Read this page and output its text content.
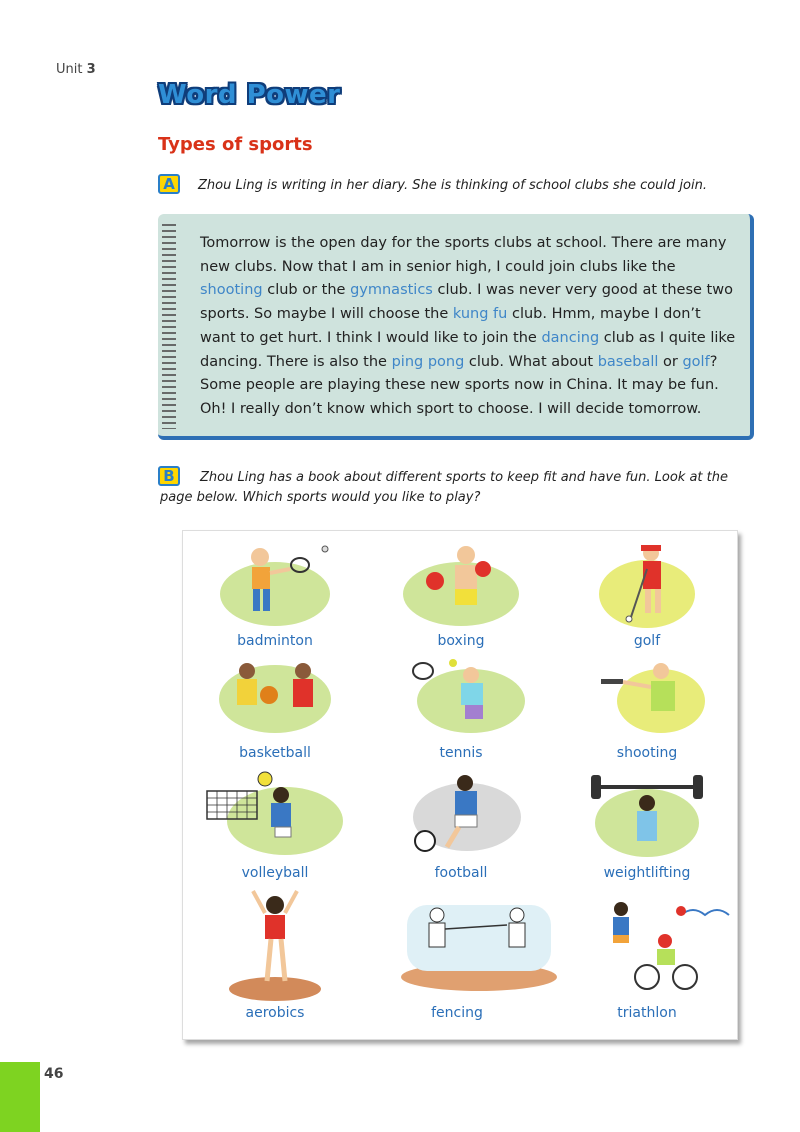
Unit 3
Word Power
Types of sports
A	Zhou Ling is writing in her diary. She is thinking of school clubs she could join.

Tomorrow is the open day for the sports clubs at school. There are many new clubs. Now that I am in senior high, I could join clubs like the shooting club or the gymnastics club. I was never very good at these two sports. So maybe I will choose the kung fu club. Hmm, maybe I don’t want to get hurt. I think I would like to join the dancing club as I quite like dancing. There is also the ping pong club. What about baseball or golf? Some people are playing these new sports now in China. It may be fun. Oh! I really don’t know which sport to choose. I will decide tomorrow.

B	Zhou Ling has a book about different sports to keep fit and have fun. Look at the page below. Which sports would you like to play?
badminton	boxing	golf
basketball	tennis	shooting
volleyball	football	weightlifting
aerobics	fencing	triathlon
46
